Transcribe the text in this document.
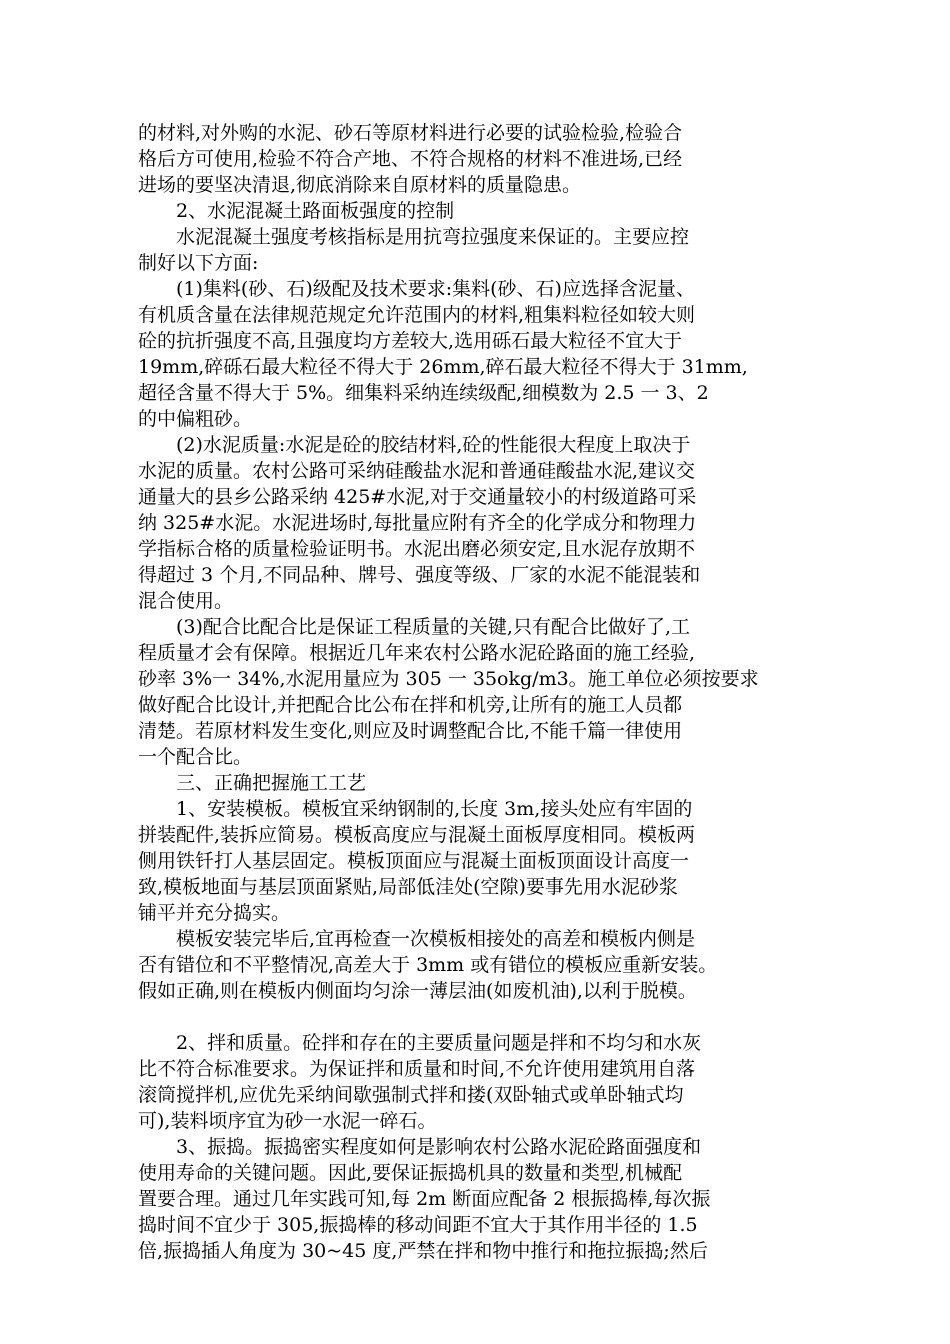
的材料,对外购的水泥、砂石等原材料进行必要的试验检验,检验合
格后方可使用,检验不符合产地、不符合规格的材料不准进场,已经
进场的要坚决清退,彻底消除来自原材料的质量隐患。
2、水泥混凝土路面板强度的控制
水泥混凝土强度考核指标是用抗弯拉强度来保证的。主要应控
制好以下方面:
(1)集料(砂、石)级配及技术要求:集料(砂、石)应选择含泥量、
有机质含量在法律规范规定允许范围内的材料,粗集料粒径如较大则
砼的抗折强度不高,且强度均方差较大,选用砾石最大粒径不宜大于
19mm,碎砾石最大粒径不得大于 26mm,碎石最大粒径不得大于 31mm,
超径含量不得大于 5%。细集料采纳连续级配,细模数为 2.5 一 3、2
的中偏粗砂。
(2)水泥质量:水泥是砼的胶结材料,砼的性能很大程度上取决于
水泥的质量。农村公路可采纳硅酸盐水泥和普通硅酸盐水泥,建议交
通量大的县乡公路采纳 425#水泥,对于交通量较小的村级道路可采
纳 325#水泥。水泥进场时,每批量应附有齐全的化学成分和物理力
学指标合格的质量检验证明书。水泥出磨必须安定,且水泥存放期不
得超过 3 个月,不同品种、牌号、强度等级、厂家的水泥不能混装和
混合使用。
(3)配合比配合比是保证工程质量的关键,只有配合比做好了,工
程质量才会有保障。根据近几年来农村公路水泥砼路面的施工经验,
砂率 3%一 34%,水泥用量应为 305 一 35okg/m3。施工单位必须按要求
做好配合比设计,并把配合比公布在拌和机旁,让所有的施工人员都
清楚。若原材料发生变化,则应及时调整配合比,不能千篇一律使用
一个配合比。
三、正确把握施工工艺
1、安装模板。模板宜采纳钢制的,长度 3m,接头处应有牢固的
拼装配件,装拆应简易。模板高度应与混凝土面板厚度相同。模板两
侧用铁钎打人基层固定。模板顶面应与混凝土面板顶面设计高度一
致,模板地面与基层顶面紧贴,局部低洼处(空隙)要事先用水泥砂浆
铺平并充分捣实。
模板安装完毕后,宜再检查一次模板相接处的高差和模板内侧是
否有错位和不平整情况,高差大于 3mm 或有错位的模板应重新安装。
假如正确,则在模板内侧面均匀涂一薄层油(如废机油),以利于脱模。
2、拌和质量。砼拌和存在的主要质量问题是拌和不均匀和水灰
比不符合标准要求。为保证拌和质量和时间,不允许使用建筑用自落
滚筒搅拌机,应优先采纳间歇强制式拌和搂(双卧轴式或单卧轴式均
可),装料顷序宜为砂一水泥一碎石。
3、振捣。振捣密实程度如何是影响农村公路水泥砼路面强度和
使用寿命的关键问题。因此,要保证振捣机具的数量和类型,机械配
置要合理。通过几年实践可知,每 2m 断面应配备 2 根振捣棒,每次振
捣时间不宜少于 305,振捣棒的移动间距不宜大于其作用半径的 1.5
倍,振捣插人角度为 30~45 度,严禁在拌和物中推行和拖拉振捣;然后
